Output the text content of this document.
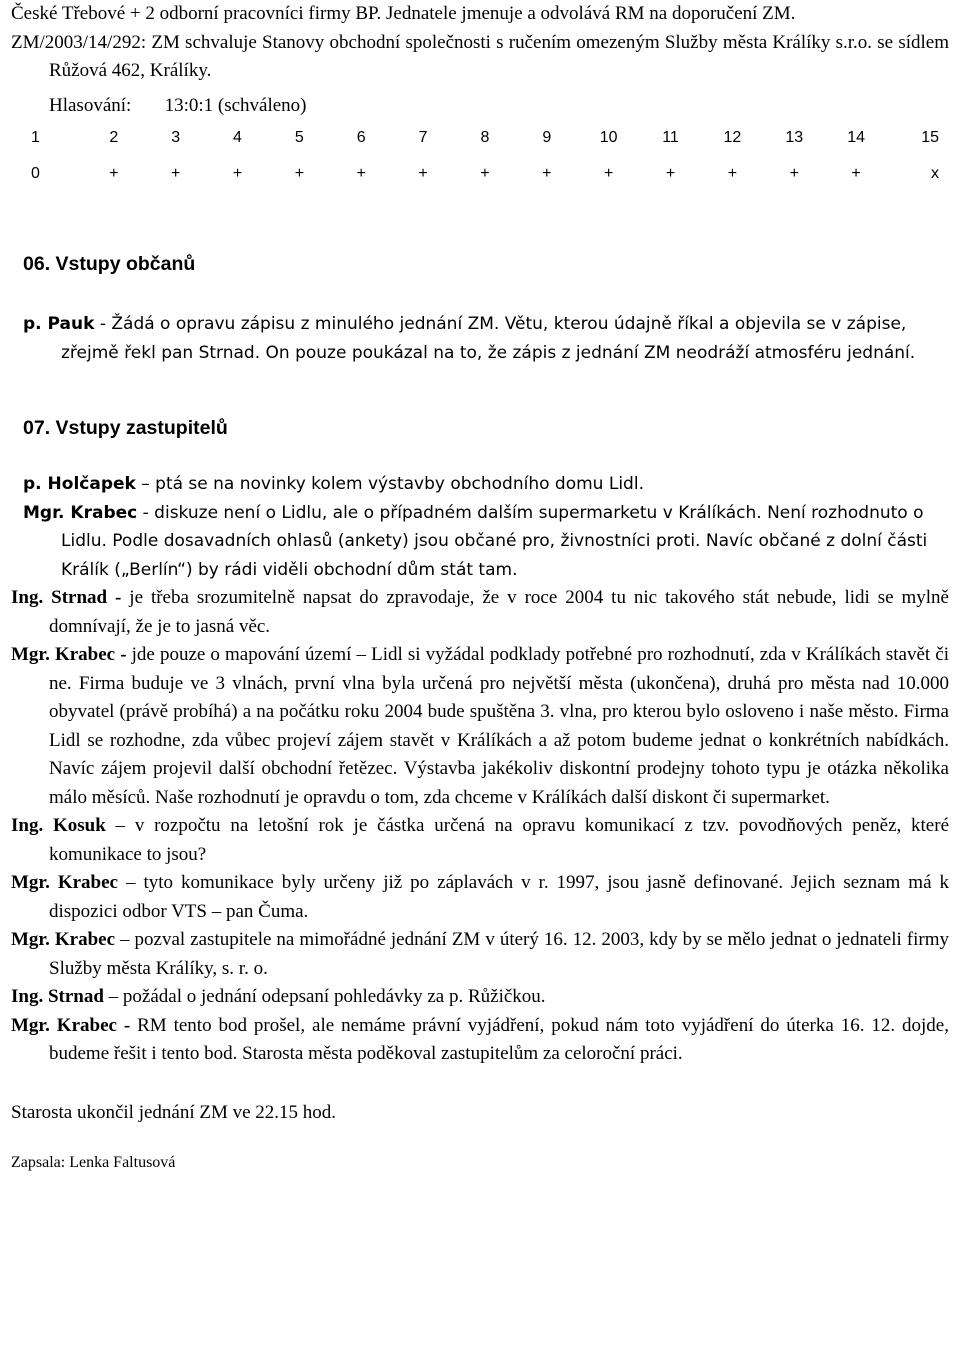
České Třebové + 2 odborní pracovníci firmy BP. Jednatele jmenuje a odvolává RM na doporučení ZM.

ZM/2003/14/292: ZM schvaluje Stanovy obchodní společnosti s ručením omezeným Služby města Králíky s.r.o. se sídlem Růžová 462, Králíky.

Hlasování: 13:0:1 (schváleno)

1	2	3	4	5	6	7	8	9	10	11	12	13	14	15
0	+	+	+	+	+	+	+	+	+	+	+	+	+	x
06. Vstupy občanů

p. Pauk - Žádá o opravu zápisu z minulého jednání ZM. Větu, kterou údajně říkal a objevila se v zápise, zřejmě řekl pan Strnad. On pouze poukázal na to, že zápis z jednání ZM neodráží atmosféru jednání.

07. Vstupy zastupitelů

p. Holčapek – ptá se na novinky kolem výstavby obchodního domu Lidl.

Mgr. Krabec - diskuze není o Lidlu, ale o případném dalším supermarketu v Králíkách. Není rozhodnuto o Lidlu. Podle dosavadních ohlasů (ankety) jsou občané pro, živnostníci proti. Navíc občané z dolní části Králík („Berlín“) by rádi viděli obchodní dům stát tam.

Ing. Strnad - je třeba srozumitelně napsat do zpravodaje, že v roce 2004 tu nic takového stát nebude, lidi se mylně domnívají, že je to jasná věc.

Mgr. Krabec - jde pouze o mapování území – Lidl si vyžádal podklady potřebné pro rozhodnutí, zda v Králíkách stavět či ne. Firma buduje ve 3 vlnách, první vlna byla určená pro největší města (ukončena), druhá pro města nad 10.000 obyvatel (právě probíhá) a na počátku roku 2004 bude spuštěna 3. vlna, pro kterou bylo osloveno i naše město. Firma Lidl se rozhodne, zda vůbec projeví zájem stavět v Králíkách a až potom budeme jednat o konkrétních nabídkách. Navíc zájem projevil další obchodní řetězec. Výstavba jakékoliv diskontní prodejny tohoto typu je otázka několika málo měsíců. Naše rozhodnutí je opravdu o tom, zda chceme v Králíkách další diskont či supermarket.

Ing. Kosuk – v rozpočtu na letošní rok je částka určená na opravu komunikací z tzv. povodňových peněz, které komunikace to jsou?

Mgr. Krabec – tyto komunikace byly určeny již po záplavách v r. 1997, jsou jasně definované. Jejich seznam má k dispozici odbor VTS – pan Čuma.

Mgr. Krabec – pozval zastupitele na mimořádné jednání ZM v úterý 16. 12. 2003, kdy by se mělo jednat o jednateli firmy Služby města Králíky, s. r. o.

Ing. Strnad – požádal o jednání odepsaní pohledávky za p. Růžičkou.

Mgr. Krabec - RM tento bod prošel, ale nemáme právní vyjádření, pokud nám toto vyjádření do úterka 16. 12. dojde, budeme řešit i tento bod. Starosta města poděkoval zastupitelům za celoroční práci.

Starosta ukončil jednání ZM ve 22.15 hod.

Zapsala: Lenka Faltusová
